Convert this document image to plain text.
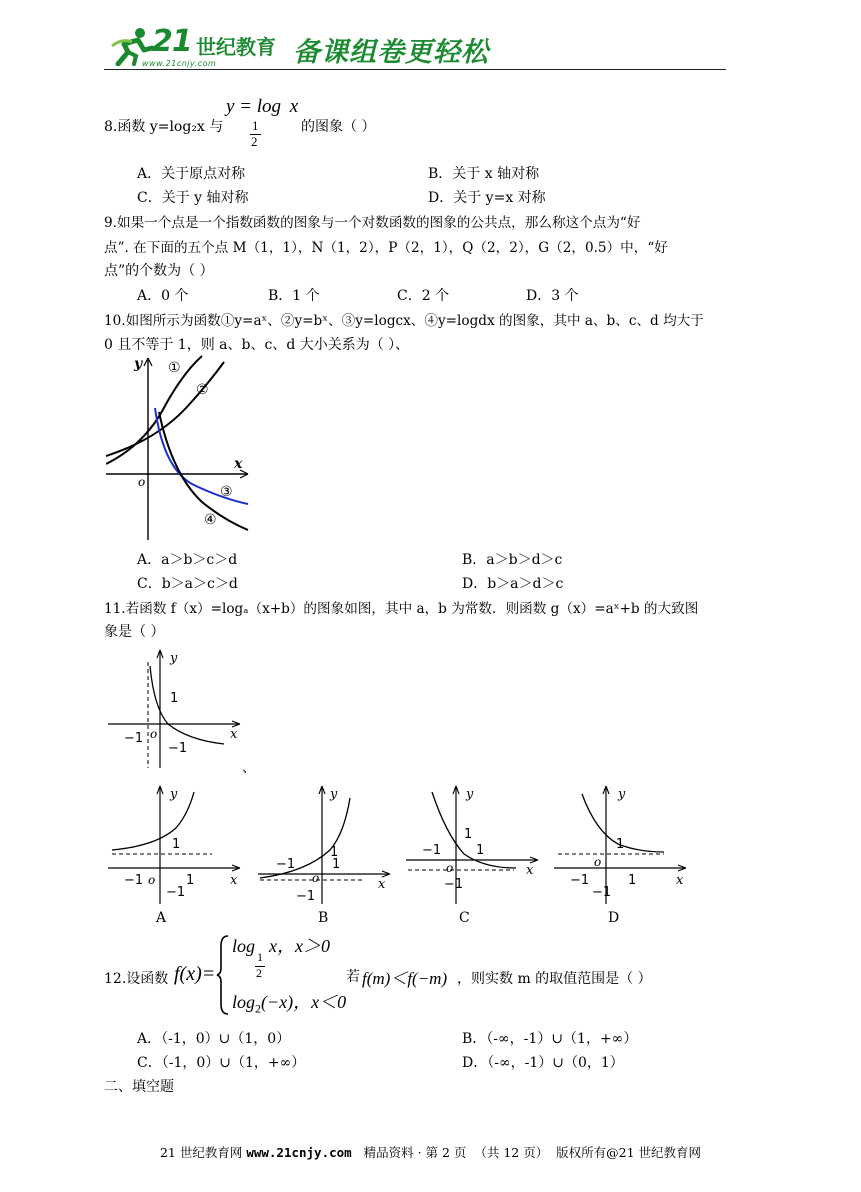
21 世纪教育
www.21cnjy.com	备课组卷更轻松
8.函数 y=log₂x 与
y = log x
1
2
的图象（ ）
A．关于原点对称	B．关于 x 轴对称
C．关于 y 轴对称	D．关于 y=x 对称
9.如果一个点是一个指数函数的图象与一个对数函数的图象的公共点，那么称这个点为“好
点”. 在下面的五个点 M（1，1），N（1，2），P（2，1），Q（2，2），G（2，0.5）中，“好
点”的个数为（ ）
A．0 个	B．1 个	C．2 个	D．3 个
10.如图所示为函数①y=aˣ、②y=bˣ、③y=logcx、④y=logdx 的图象，其中 a、b、c、d 均大于
0 且不等于 1，则 a、b、c、d 大小关系为（ ）、
y
x
o
①
②
③
④
A．a＞b＞c＞d	B．a＞b＞d＞c
C．b＞a＞c＞d	D．b＞a＞d＞c
11.若函数 f（x）=logₐ（x+b）的图象如图，其中 a，b 为常数．则函数 g（x）=aˣ+b 的大致图
象是（ ）
y
x
o
1
−1
−1
、
y
x
o
1
−1	1
−1
y
x
o
1
−1	1
−1
y
x
o
1
−1	1
−1
y
x
o
1
−1	1
−1
A	B	C	D
12.设函数 f(x)=
log x，x＞0
1
2
$\log_2(-x)$，x＜0
若 f(m)＜f(−m) ，则实数 m 的取值范围是（ ）
A．（-1，0）∪（1，0）	B．（-∞，-1）∪（1，+∞）
C．（-1，0）∪（1，+∞）	D．（-∞，-1）∪（0，1）
二、填空题
21 世纪教育网 www.21cnjy.com   精品资料 · 第 2 页  （共 12 页）  版权所有@21 世纪教育网
